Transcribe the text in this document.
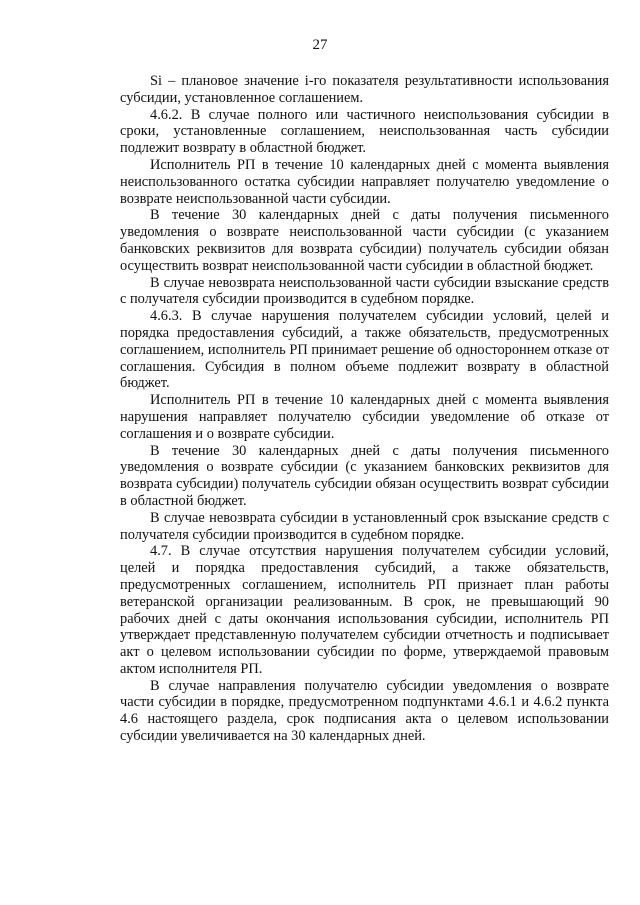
27

Si – плановое значение i-го показателя результативности использования субсидии, установленное соглашением.

4.6.2. В случае полного или частичного неиспользования субсидии в сроки, установленные соглашением, неиспользованная часть субсидии подлежит возврату в областной бюджет.

Исполнитель РП в течение 10 календарных дней с момента выявления неиспользованного остатка субсидии направляет получателю уведомление о возврате неиспользованной части субсидии.

В течение 30 календарных дней с даты получения письменного уведомления о возврате неиспользованной части субсидии (с указанием банковских реквизитов для возврата субсидии) получатель субсидии обязан осуществить возврат неиспользованной части субсидии в областной бюджет.

В случае невозврата неиспользованной части субсидии взыскание средств с получателя субсидии производится в судебном порядке.

4.6.3. В случае нарушения получателем субсидии условий, целей и порядка предоставления субсидий, а также обязательств, предусмотренных соглашением, исполнитель РП принимает решение об одностороннем отказе от соглашения. Субсидия в полном объеме подлежит возврату в областной бюджет.

Исполнитель РП в течение 10 календарных дней с момента выявления нарушения направляет получателю субсидии уведомление об отказе от соглашения и о возврате субсидии.

В течение 30 календарных дней с даты получения письменного уведомления о возврате субсидии (с указанием банковских реквизитов для возврата субсидии) получатель субсидии обязан осуществить возврат субсидии в областной бюджет.

В случае невозврата субсидии в установленный срок взыскание средств с получателя субсидии производится в судебном порядке.

4.7. В случае отсутствия нарушения получателем субсидии условий, целей и порядка предоставления субсидий, а также обязательств, предусмотренных соглашением, исполнитель РП признает план работы ветеранской организации реализованным. В срок, не превышающий 90 рабочих дней с даты окончания использования субсидии, исполнитель РП утверждает представленную получателем субсидии отчетность и подписывает акт о целевом использовании субсидии по форме, утверждаемой правовым актом исполнителя РП.

В случае направления получателю субсидии уведомления о возврате части субсидии в порядке, предусмотренном подпунктами 4.6.1 и 4.6.2 пункта 4.6 настоящего раздела, срок подписания акта о целевом использовании субсидии увеличивается на 30 календарных дней.
